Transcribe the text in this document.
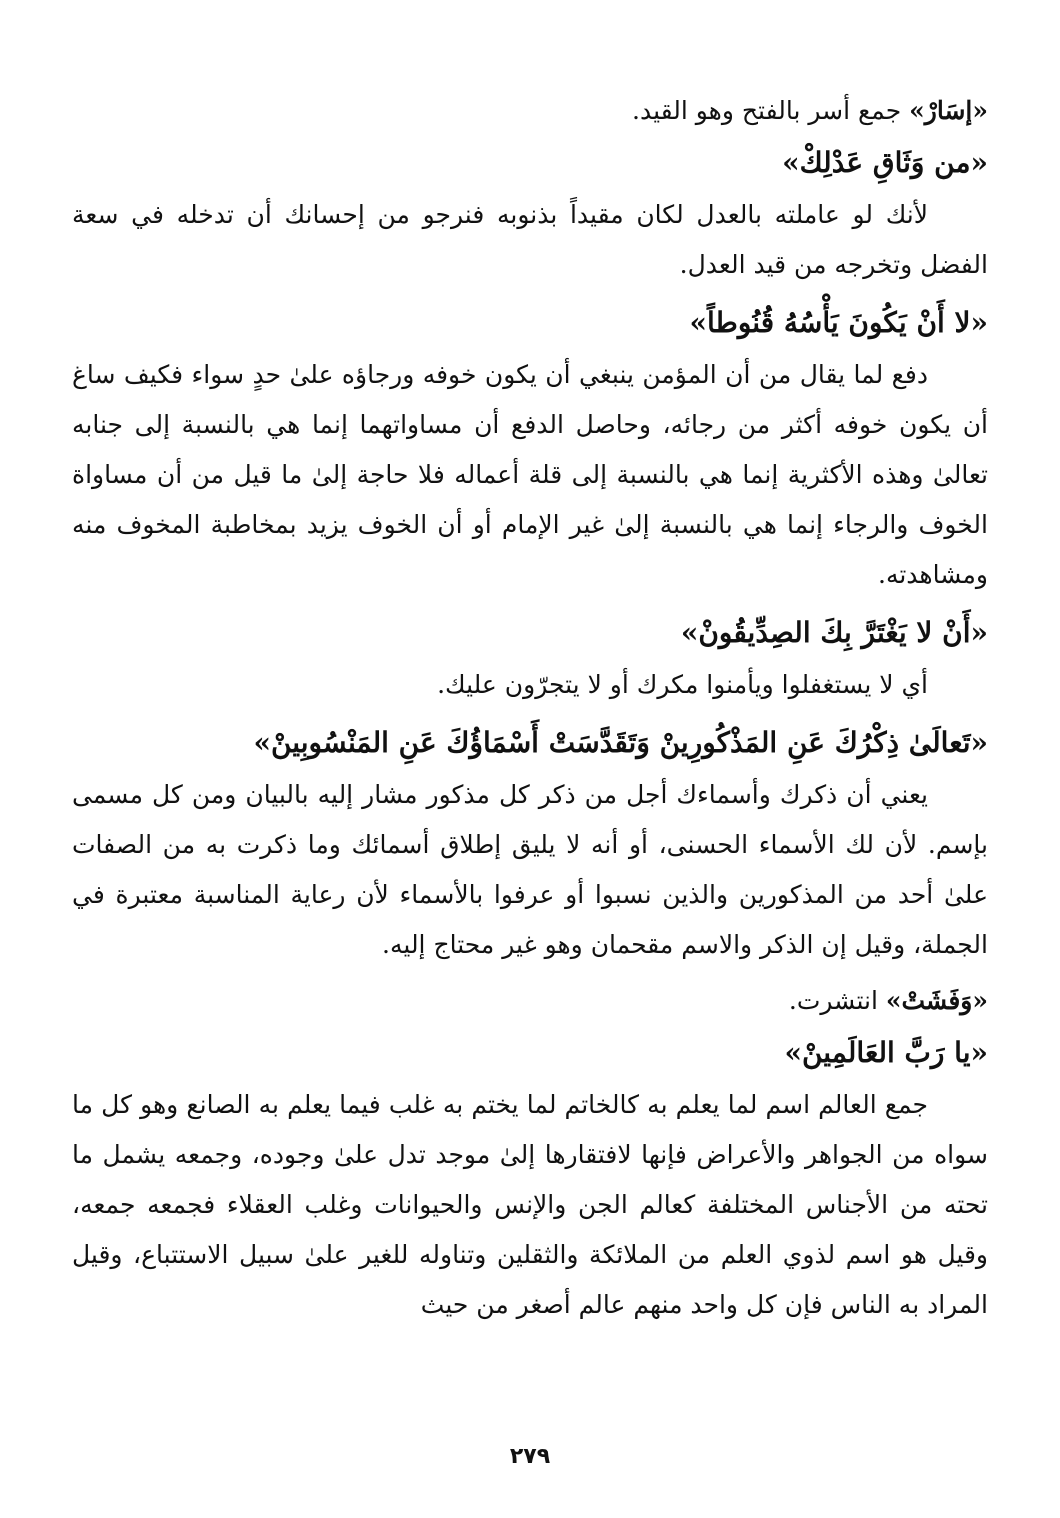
«إسَارْ» جمع أسر بالفتح وهو القيد.

«من وَثَاقِ عَدْلِكْ»

لأنك لو عاملته بالعدل لكان مقيداً بذنوبه فنرجو من إحسانك أن تدخله في سعة الفضل وتخرجه من قيد العدل.

«لا أَنْ يَكُونَ يَأْسُهُ قُنُوطاً»

دفع لما يقال من أن المؤمن ينبغي أن يكون خوفه ورجاؤه علىٰ حدٍ سواء فكيف ساغ أن يكون خوفه أكثر من رجائه، وحاصل الدفع أن مساواتهما إنما هي بالنسبة إلى جنابه تعالىٰ وهذه الأكثرية إنما هي بالنسبة إلى قلة أعماله فلا حاجة إلىٰ ما قيل من أن مساواة الخوف والرجاء إنما هي بالنسبة إلىٰ غير الإمام أو أن الخوف يزيد بمخاطبة المخوف منه ومشاهدته.

«أَنْ لا يَغْتَرَّ بِكَ الصِدِّيقُونْ»

أي لا يستغفلوا ويأمنوا مكرك أو لا يتجرّون عليك.

«تَعالَىٰ ذِكْرُكَ عَنِ المَذْكُورِينْ وَتَقَدَّسَتْ أَسْمَاؤُكَ عَنِ المَنْسُوبِينْ»

يعني أن ذكرك وأسماءك أجل من ذكر كل مذكور مشار إليه بالبيان ومن كل مسمى بإسم. لأن لك الأسماء الحسنى، أو أنه لا يليق إطلاق أسمائك وما ذكرت به من الصفات علىٰ أحد من المذكورين والذين نسبوا أو عرفوا بالأسماء لأن رعاية المناسبة معتبرة في الجملة، وقيل إن الذكر والاسم مقحمان وهو غير محتاج إليه.

«وَفَشَتْ» انتشرت.

«يا رَبَّ العَالَمِينْ»

جمع العالم اسم لما يعلم به كالخاتم لما يختم به غلب فيما يعلم به الصانع وهو كل ما سواه من الجواهر والأعراض فإنها لافتقارها إلىٰ موجد تدل علىٰ وجوده، وجمعه يشمل ما تحته من الأجناس المختلفة كعالم الجن والإنس والحيوانات وغلب العقلاء فجمعه جمعه، وقيل هو اسم لذوي العلم من الملائكة والثقلين وتناوله للغير علىٰ سبيل الاستتباع، وقيل المراد به الناس فإن كل واحد منهم عالم أصغر من حيث

٢٧٩
